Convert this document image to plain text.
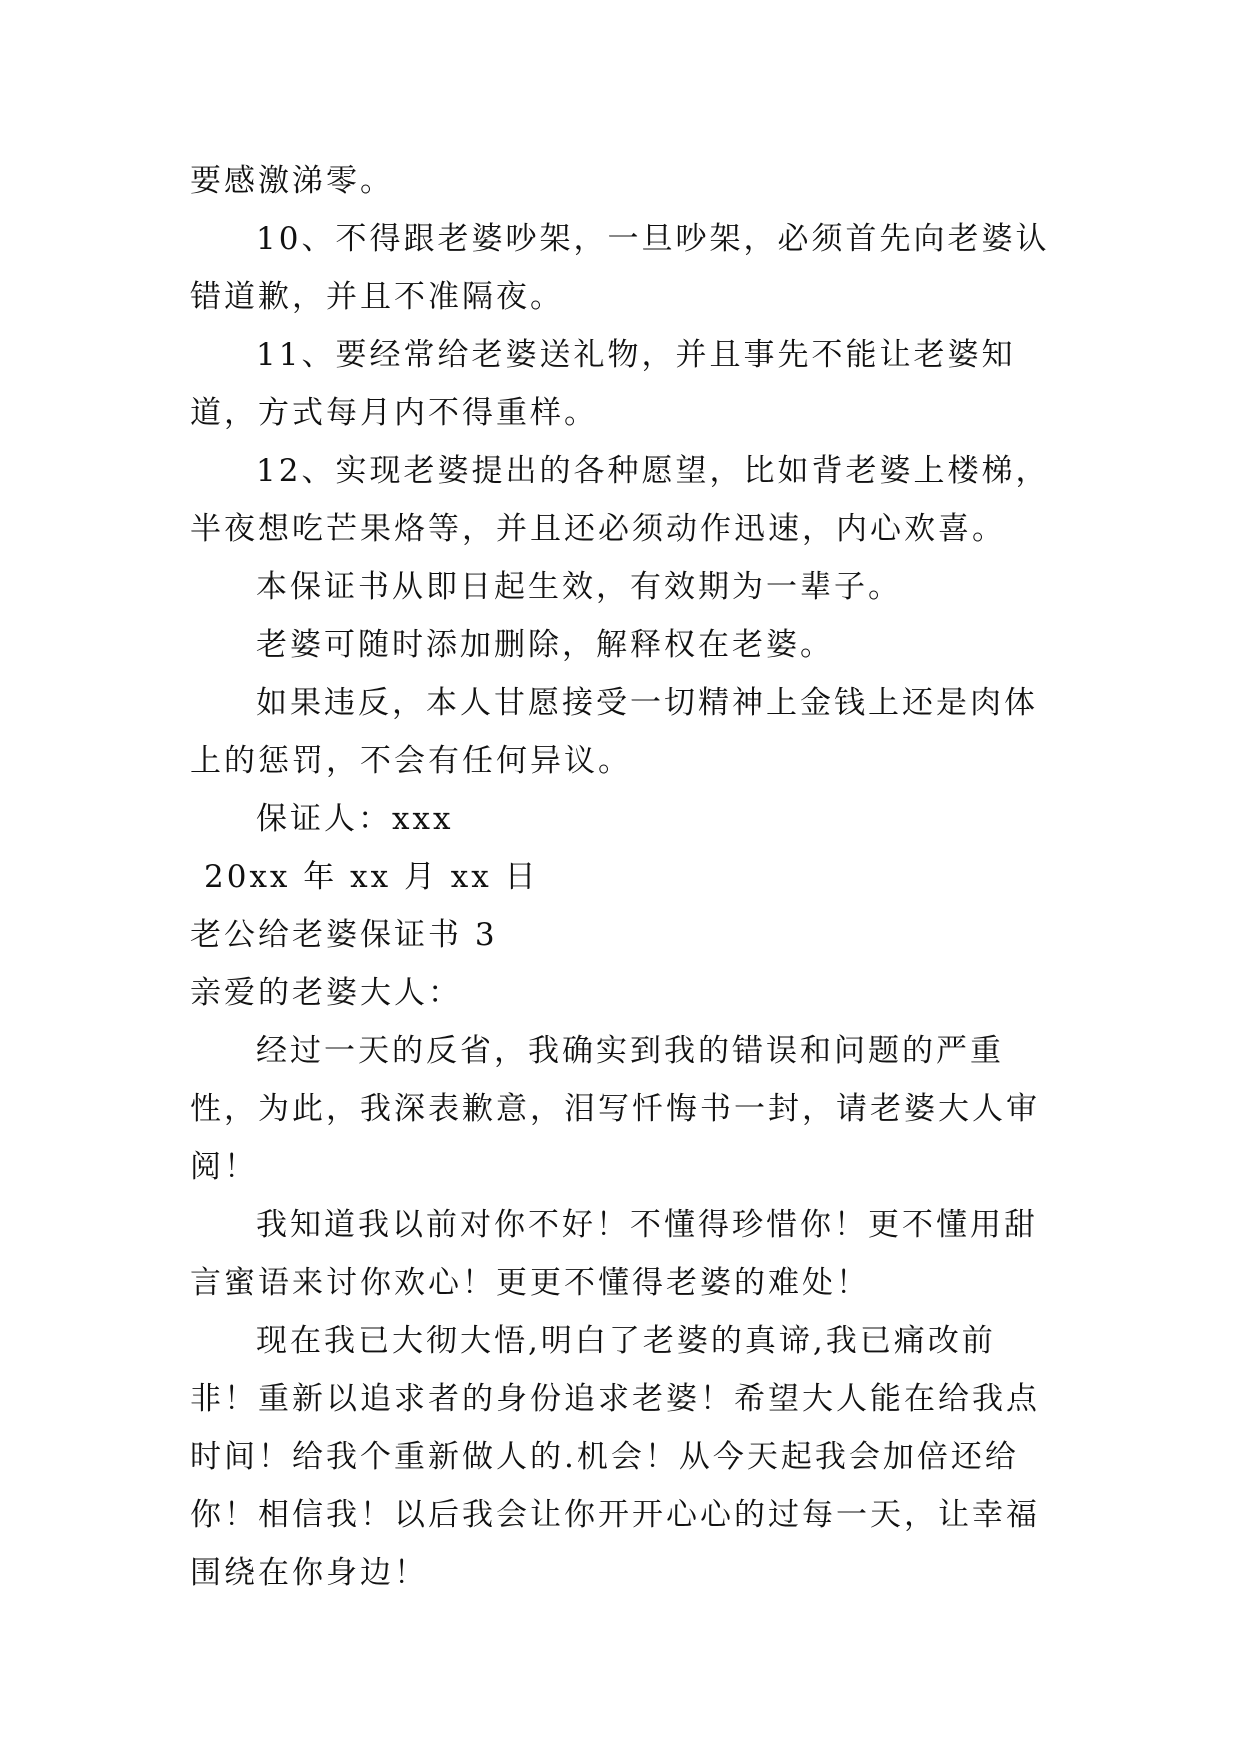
要感激涕零。

10、不得跟老婆吵架，一旦吵架，必须首先向老婆认错道歉，并且不准隔夜。

11、要经常给老婆送礼物，并且事先不能让老婆知道，方式每月内不得重样。

12、实现老婆提出的各种愿望，比如背老婆上楼梯，半夜想吃芒果烙等，并且还必须动作迅速，内心欢喜。

本保证书从即日起生效，有效期为一辈子。

老婆可随时添加删除，解释权在老婆。

如果违反，本人甘愿接受一切精神上金钱上还是肉体上的惩罚，不会有任何异议。

保证人：xxx

20xx 年 xx 月 xx 日

老公给老婆保证书 3

亲爱的老婆大人：

经过一天的反省，我确实到我的错误和问题的严重性，为此，我深表歉意，泪写忏悔书一封，请老婆大人审阅！

我知道我以前对你不好！不懂得珍惜你！更不懂用甜言蜜语来讨你欢心！更更不懂得老婆的难处！

现在我已大彻大悟,明白了老婆的真谛,我已痛改前非！重新以追求者的身份追求老婆！希望大人能在给我点时间！给我个重新做人的.机会！从今天起我会加倍还给你！相信我！以后我会让你开开心心的过每一天，让幸福围绕在你身边！
